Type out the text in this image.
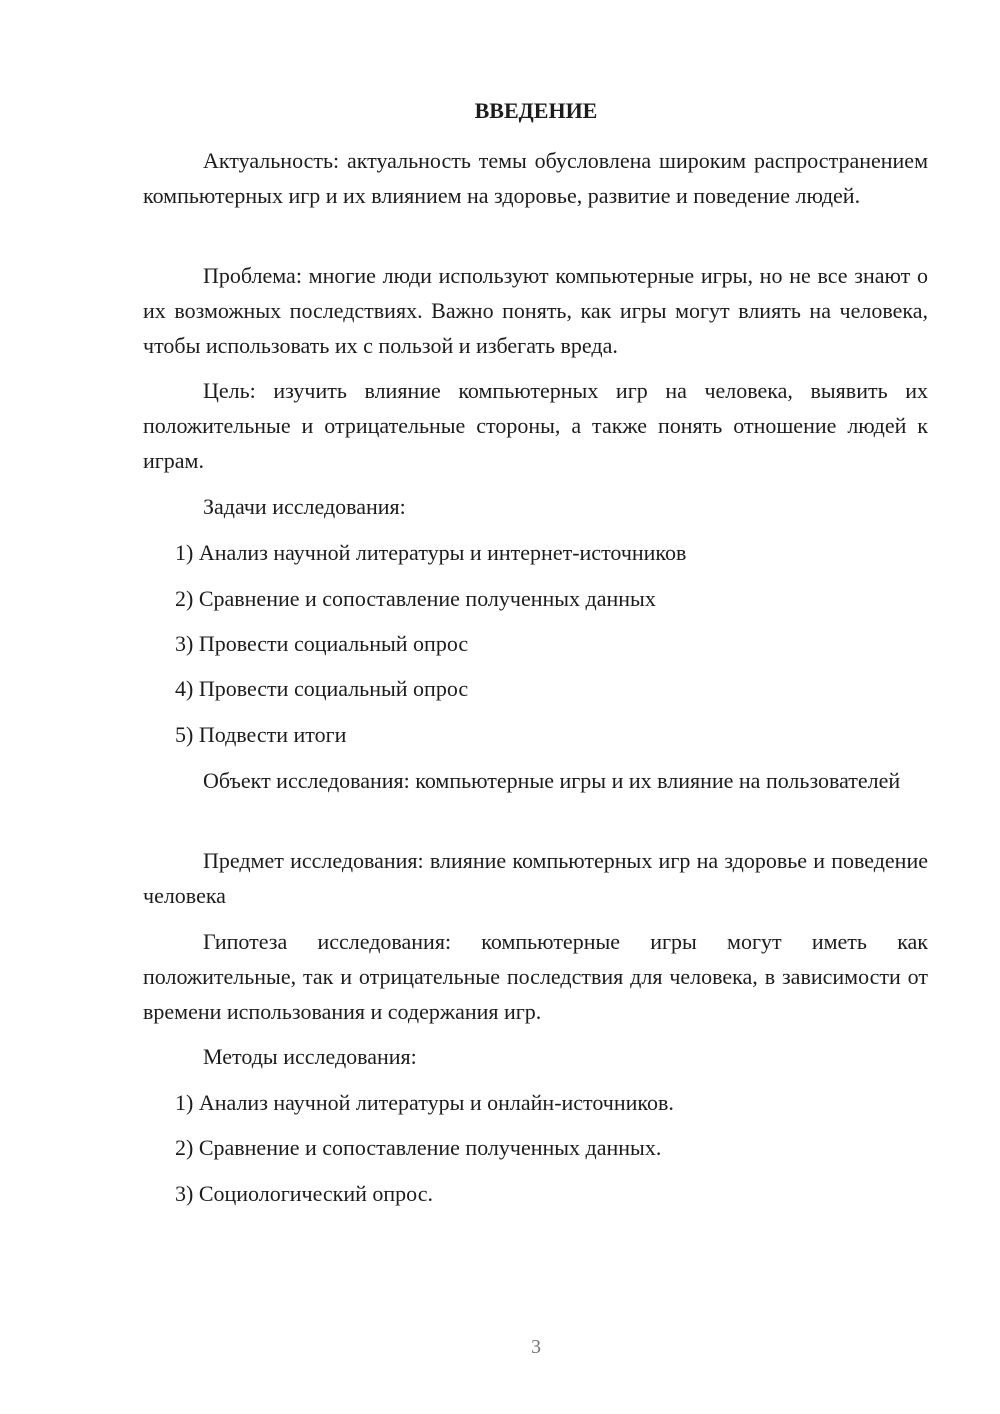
ВВЕДЕНИЕ

Актуальность: актуальность темы обусловлена широким распространением компьютерных игр и их влиянием на здоровье, развитие и поведение людей.

Проблема: многие люди используют компьютерные игры, но не все знают о их возможных последствиях. Важно понять, как игры могут влиять на человека, чтобы использовать их с пользой и избегать вреда.

Цель: изучить влияние компьютерных игр на человека, выявить их положительные и отрицательные стороны, а также понять отношение людей к играм.

Задачи исследования:

1) Анализ научной литературы и интернет-источников

2) Сравнение и сопоставление полученных данных

3) Провести социальный опрос

4) Провести социальный опрос

5) Подвести итоги

Объект исследования: компьютерные игры и их влияние на пользователей

Предмет исследования: влияние компьютерных игр на здоровье и поведение человека

Гипотеза исследования: компьютерные игры могут иметь как положительные, так и отрицательные последствия для человека, в зависимости от времени использования и содержания игр.

Методы исследования:

1) Анализ научной литературы и онлайн-источников.

2) Сравнение и сопоставление полученных данных.

3) Социологический опрос.

3
